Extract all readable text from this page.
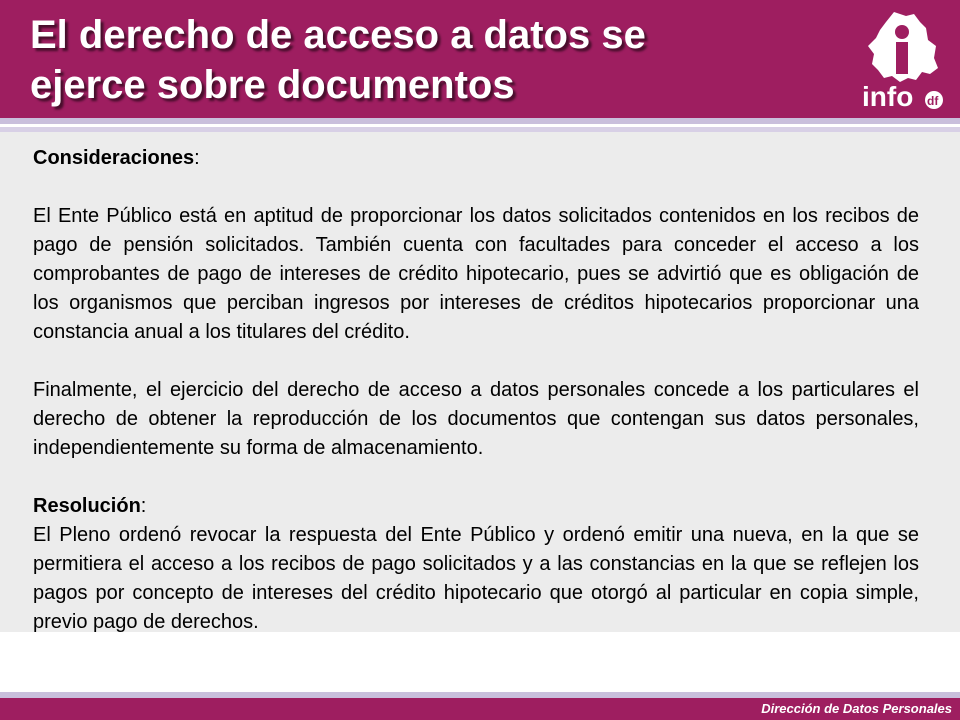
El derecho de acceso a datos se
ejerce sobre documentos	info df

Consideraciones:

El Ente Público está en aptitud de proporcionar los datos solicitados contenidos en los recibos de pago de pensión solicitados. También cuenta con facultades para conceder el acceso a los comprobantes de pago de intereses de crédito hipotecario, pues se advirtió que es obligación de los organismos que perciban ingresos por intereses de créditos hipotecarios proporcionar una constancia anual a los titulares del crédito.

Finalmente, el ejercicio del derecho de acceso a datos personales concede a los particulares el derecho de obtener la reproducción de los documentos que contengan sus datos personales, independientemente su forma de almacenamiento.

Resolución:

El Pleno ordenó revocar la respuesta del Ente Público y ordenó emitir una nueva, en la que se permitiera el acceso a los recibos de pago solicitados y a las constancias en la que se reflejen los pagos por concepto de intereses del crédito hipotecario que otorgó al particular en copia simple, previo pago de derechos.

Dirección de Datos Personales
